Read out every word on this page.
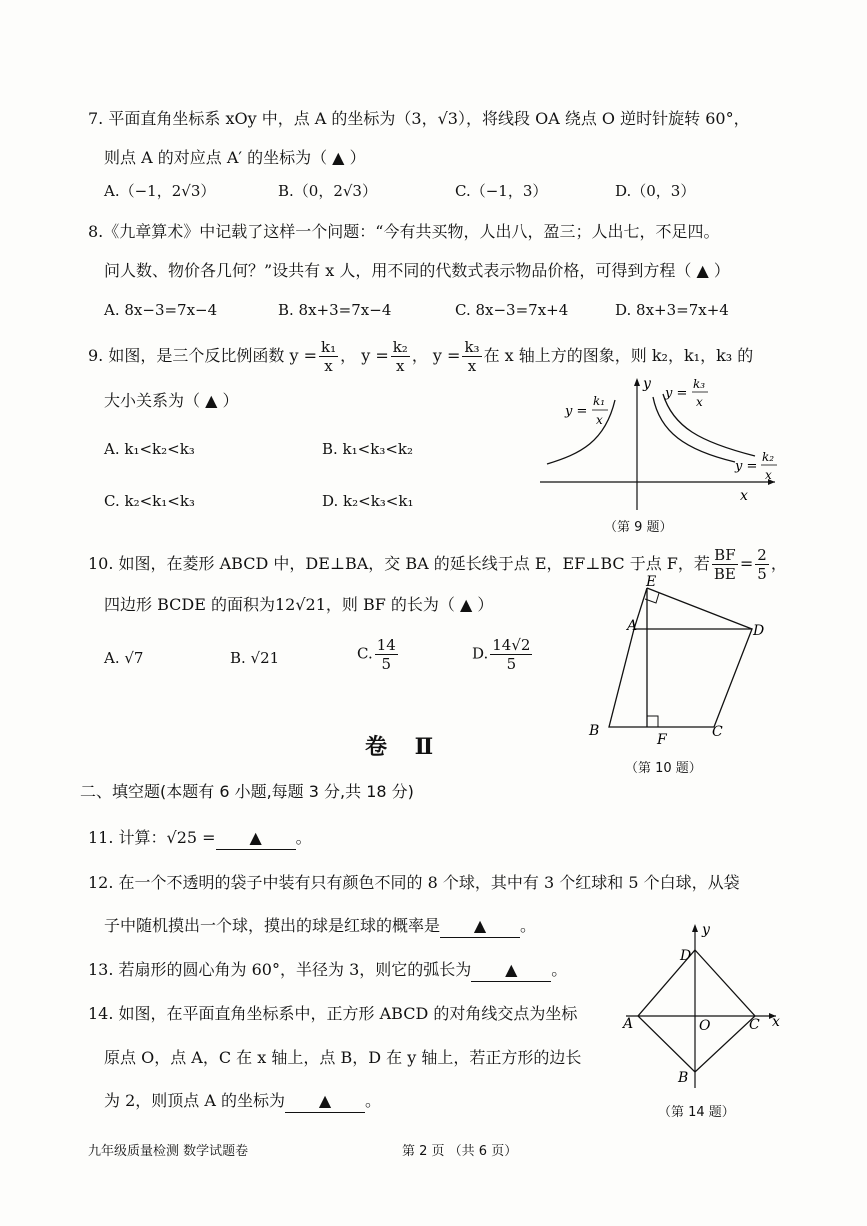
7. 平面直角坐标系 xOy 中，点 A 的坐标为（3，√3），将线段 OA 绕点 O 逆时针旋转 60°，
则点 A 的对应点 A′ 的坐标为（ ▲ ）
A.（−1，2√3）	B.（0，2√3）	C.（−1，3）	D.（0，3）
8.《九章算术》中记载了这样一个问题：“今有共买物，人出八，盈三；人出七，不足四。
问人数、物价各几何？”设共有 x 人，用不同的代数式表示物品价格，可得到方程（ ▲ ）
A. 8x−3=7x−4	B. 8x+3=7x−4	C. 8x−3=7x+4	D. 8x+3=7x+4
9. 如图，是三个反比例函数 $y = \frac{\text{k₁}}{x}$ ， $y = \frac{\text{k₂}}{x}$ ， $y = \frac{\text{k₃}}{x}$ 在 x 轴上方的图象，则 k₂，k₁，k₃ 的
大小关系为（ ▲ ）
A. k₁<k₂<k₃	B. k₁<k₃<k₂
C. k₂<k₁<k₃	D. k₂<k₃<k₁
y
x
y =
k₁
x
y =
k₃
x
y =
k₂
x
（第 9 题）
10. 如图，在菱形 ABCD 中，DE⊥BA，交 BA 的延长线于点 E，EF⊥BC 于点 F，若 $\frac{BF}{BE} = \frac{2}{5}$ ，
四边形 BCDE 的面积为12√21，则 BF 的长为（ ▲ ）
A. √7	B. √21	C. $\frac{14}{5}$	D. $\frac{14√2}{5}$
E
A	D
B
F	C
（第 10 题）
卷 Ⅱ
二、填空题(本题有 6 小题,每题 3 分,共 18 分)
11. 计算：√25 = ▲ 。
12. 在一个不透明的袋子中装有只有颜色不同的 8 个球，其中有 3 个红球和 5 个白球，从袋
子中随机摸出一个球，摸出的球是红球的概率是 ▲ 。
13. 若扇形的圆心角为 60°，半径为 3，则它的弧长为 ▲ 。
14. 如图，在平面直角坐标系中，正方形 ABCD 的对角线交点为坐标
原点 O，点 A，C 在 x 轴上，点 B，D 在 y 轴上，若正方形的边长
为 2，则顶点 A 的坐标为 ▲ 。
y
D
A	O	C x
B
（第 14 题）
九年级质量检测 数学试题卷	第 2 页 （共 6 页）
